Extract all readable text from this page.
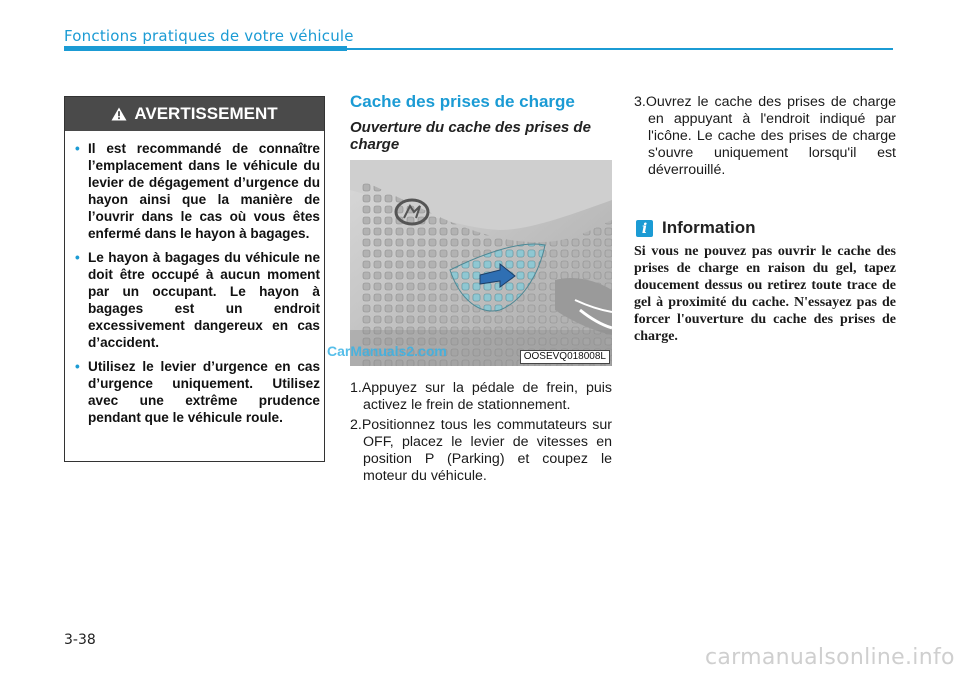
Fonctions pratiques de votre véhicule
AVERTISSEMENT
• Il est recommandé de connaître l’emplacement dans le véhicule du levier de dégagement d’urgence du hayon ainsi que la manière de l’ouvrir dans le cas où vous êtes enfermé dans le hayon à bagages.
• Le hayon à bagages du véhicule ne doit être occupé à aucun moment par un occupant. Le hayon à bagages est un endroit excessivement dangereux en cas d’accident.
• Utilisez le levier d’urgence en cas d’urgence uniquement. Utilisez avec une extrême prudence pendant que le véhicule roule.
Cache des prises de charge
Ouverture du cache des prises de charge
OOSEVQ018008L
CarManuals2.com
1.Appuyez sur la pédale de frein, puis activez le frein de stationnement.
2.Positionnez tous les commutateurs sur OFF, placez le levier de vitesses en position P (Parking) et coupez le moteur du véhicule.
3.Ouvrez le cache des prises de charge en appuyant à l'endroit indiqué par l'icône. Le cache des prises de charge s'ouvre uniquement lorsqu'il est déverrouillé.
i Information
Si vous ne pouvez pas ouvrir le cache des prises de charge en raison du gel, tapez doucement dessus ou retirez toute trace de gel à proximité du cache. N'essayez pas de forcer l'ouverture du cache des prises de charge.
3-38
carmanualsonline.info
